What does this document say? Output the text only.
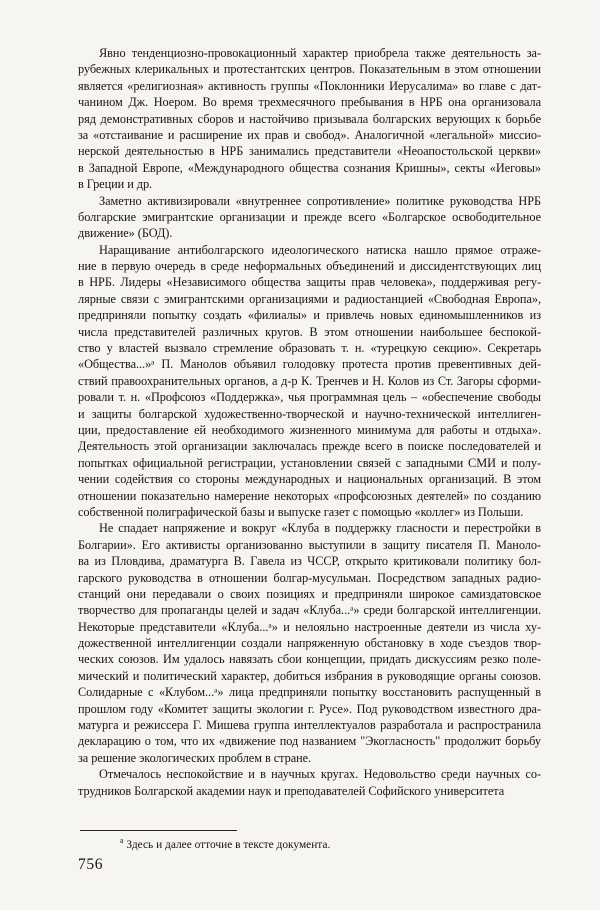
Явно тенденциозно-провокационный характер приобрела также деятельность за-
рубежных клерикальных и протестантских центров. Показательным в этом отношении
является «религиозная» активность группы «Поклонники Иерусалима» во главе с дат-
чанином Дж. Ноером. Во время трехмесячного пребывания в НРБ она организовала
ряд демонстративных сборов и настойчиво призывала болгарских верующих к борьбе
за «отстаивание и расширение их прав и свобод». Аналогичной «легальной» миссио-
нерской деятельностью в НРБ занимались представители «Неоапостольской церкви»
в Западной Европе, «Международного общества сознания Кришны», секты «Иеговы»
в Греции и др.
Заметно активизировали «внутреннее сопротивление» политике руководства НРБ
болгарские эмигрантские организации и прежде всего «Болгарское освободительное
движение» (БОД).
Наращивание антиболгарского идеологического натиска нашло прямое отраже-
ние в первую очередь в среде неформальных объединений и диссидентствующих лиц
в НРБ. Лидеры «Независимого общества защиты прав человека», поддерживая регу-
лярные связи с эмигрантскими организациями и радиостанцией «Свободная Европа»,
предприняли попытку создать «филиалы» и привлечь новых единомышленников из
числа представителей различных кругов. В этом отношении наибольшее беспокой-
ство у властей вызвало стремление образовать т. н. «турецкую секцию». Секретарь
«Общества...»ᵃ П. Манолов объявил голодовку протеста против превентивных дей-
ствий правоохранительных органов, а д-р К. Тренчев и Н. Колов из Ст. Загоры сформи-
ровали т. н. «Профсоюз «Поддержка», чья программная цель – «обеспечение свободы
и защиты болгарской художественно-творческой и научно-технической интеллиген-
ции, предоставление ей необходимого жизненного минимума для работы и отдыха».
Деятельность этой организации заключалась прежде всего в поиске последователей и
попытках официальной регистрации, установлении связей с западными СМИ и полу-
чении содействия со стороны международных и национальных организаций. В этом
отношении показательно намерение некоторых «профсоюзных деятелей» по созданию
собственной полиграфической базы и выпуске газет с помощью «коллег» из Польши.
Не спадает напряжение и вокруг «Клуба в поддержку гласности и перестройки в
Болгарии». Его активисты организованно выступили в защиту писателя П. Маноло-
ва из Пловдива, драматурга В. Гавела из ЧССР, открыто критиковали политику бол-
гарского руководства в отношении болгар-мусульман. Посредством западных радио-
станций они передавали о своих позициях и предприняли широкое самиздатовское
творчество для пропаганды целей и задач «Клуба...ᵃ» среди болгарской интеллигенции.
Некоторые представители «Клуба...ᵃ» и нелояльно настроенные деятели из числа ху-
дожественной интеллигенции создали напряженную обстановку в ходе съездов твор-
ческих союзов. Им удалось навязать сбои концепции, придать дискуссиям резко поле-
мический и политический характер, добиться избрания в руководящие органы союзов.
Солидарные с «Клубом...ᵃ» лица предприняли попытку восстановить распущенный в
прошлом году «Комитет защиты экологии г. Русе». Под руководством известного дра-
матурга и режиссера Г. Мишева группа интеллектуалов разработала и распространила
декларацию о том, что их «движение под названием "Экогласность" продолжит борьбу
за решение экологических проблем в стране.
Отмечалось неспокойствие и в научных кругах. Недовольство среди научных со-
трудников Болгарской академии наук и преподавателей Софийского университета
$^а$ Здесь и далее отточие в тексте документа.
756
